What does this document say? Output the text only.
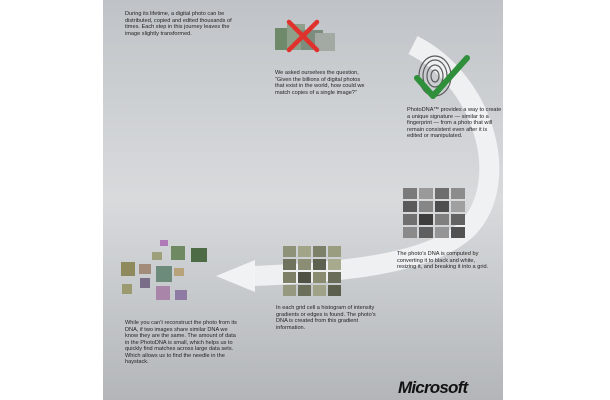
During its lifetime, a digital photo can be distributed, copied and edited thousands of times. Each step in this journey leaves the image slightly transformed.

We asked ourselves the question, “Given the billions of digital photos that exist in the world, how could we match copies of a single image?”

PhotoDNA™ provides a way to create a unique signature — similar to a fingerprint — from a photo that will remain consistent even after it is edited or manipulated.

The photo’s DNA is computed by converting it to black and white, resizing it, and breaking it into a grid.

In each grid cell a histogram of intensity gradients or edges is found. The photo’s DNA is created from this gradient information.

While you can’t reconstruct the photo from its DNA, if two images share similar DNA we know they are the same. The amount of data in the PhotoDNA is small, which helps us to quickly find matches across large data sets. Which allows us to find the needle in the haystack.

Microsoft
